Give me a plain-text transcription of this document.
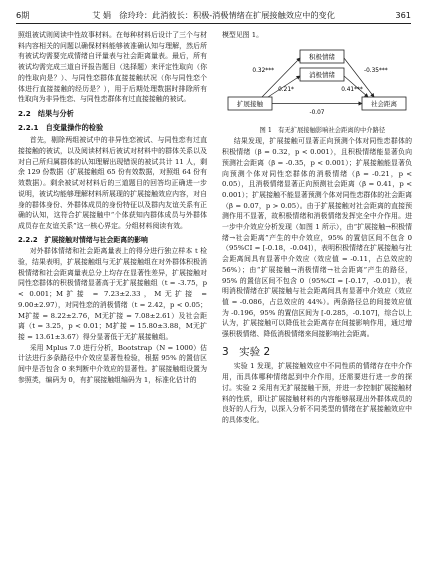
6期	艾 娟　徐玲玲：此消彼长：积极-消极情绪在扩展接触效应中的变化	361

照组被试则阅读中性故事材料。在每种材料后设计了三个与材料内容相关的问题以确保材料能够被准确认知与理解，然后所有被试均需要完成情绪自评量表与社会距离量表。最后，所有被试均需完成三道自评报告题目（选择题）来评定性取向（你的性取向是？）、与同性恋群体直接接触状况（你与同性恋个体进行直接接触的经历是？），用于后期处理数据时排除所有性取向为非异性恋、与同性恋群体有过直接接触的被试。

2.2　结果与分析
2.2.1　自变量操作的检验

首先，剔除两组被试中的非异性恋被试、与同性恋有过直接接触的被试，以及阅读材料后被试对材料中的群体关系以及对自己所归属群体的认知理解出现错误的被试共计 11 人，剩余 129 份数据（扩展接触组 65 份有效数据，对照组 64 份有效数据）。剩余被试对材料后的三道题目的回答均正确进一步说明，被试均能够理解材料所展现的扩展接触效应内容，对自身的群体身份、外群体成员的身份特征以及群内友谊关系有正确的认知，这符合扩展接触中“个体获知内群体成员与外群体成员存在友谊关系”这一核心界定。分组材料阅读有效。

2.2.2　扩展接触对情绪与社会距离的影响

对外群体情绪和社会距离量表上的得分进行独立样本 t 检验，结果表明，扩展接触组与无扩展接触组在对外群体积极消极情绪和社会距离量表总分上均存在显著性差异，扩展接触对同性恋群体的积极情绪显著高于无扩展接触组（t = -3.75，p < 0.001；M扩接 = 7.23±2.33，M无扩接 = 9.00±2.97），对同性恋的消极情绪（t = 2.42，p < 0.05；M扩接 = 8.22±2.76，M无扩接 = 7.08±2.61）及社会距离（t = 3.25，p < 0.01；M扩接 = 15.80±3.88，M无扩接 = 13.61±3.67）得分显著低于无扩展接触组。

采用 Mplus 7.0 进行分析，Bootstrap（N = 1000）估计法进行多条路径中介效应显著性检验，根据 95% 的置信区间中是否包含 0 来判断中介效应的显著性。扩展接触组设置为参照类，编码为 0，有扩展接触组编码为 1，标准化估计的

模型见图 1。

积极情绪
消极情绪
扩展接触	社会距离
0.32***
0.21*
-0.35***
0.41***
-0.07

图 1　有无扩展接触影响社会距离的中介路径

结果发现，扩展接触可显著正向预测个体对同性恋群体的积极情绪（β = 0.32，p < 0.001），且积极情绪能显著负向预测社会距离（β = -0.35，p < 0.001）；扩展接触能显著负向预测个体对同性恋群体的消极情绪（β = -0.21，p < 0.05），且消极情绪显著正向预测社会距离（β = 0.41，p < 0.001）；扩展接触不能显著预测个体对同性恋群体的社会距离（β = 0.07，p > 0.05）。由于扩展接触对社会距离的直接预测作用不显著，故积极情绪和消极情绪发挥完全中介作用。进一步中介效应分析发现（如图 1 所示），由“扩展接触→积极情绪→社会距离”产生的中介效应，95% 的置信区间不包含 0（95%CI = [-0.18，-0.04]），表明积极情绪在扩展接触与社会距离间具有显著中介效应（效应值 = -0.11，占总效应的 56%）；由“扩展接触→消极情绪→社会距离”产生的路径，95% 的置信区间不包含 0（95%CI = [-0.17，-0.01]），表明消极情绪在扩展接触与社会距离间具有显著中介效应（效应值 = -0.086，占总效应的 44%）。两条路径总的间接效应值为 -0.196，95% 的置信区间为 [-0.285，-0.107]，综合以上认为，扩展接触可以降低社会距离存在间接影响作用，通过增强积极情绪、降低消极情绪来间接影响社会距离。

3　实验 2

实验 1 发现，扩展接触效应中不同性质的情绪存在中介作用，而具体哪种情绪起到中介作用，还需要进行进一步的探讨。实验 2 采用有无扩展接触干预，并进一步控制扩展接触材料的性质，即让扩展接触材料的内容能够展现出外群体成员的良好的人行为，以探入分析不同类型的情绪在扩展接触效应中的具体变化。
